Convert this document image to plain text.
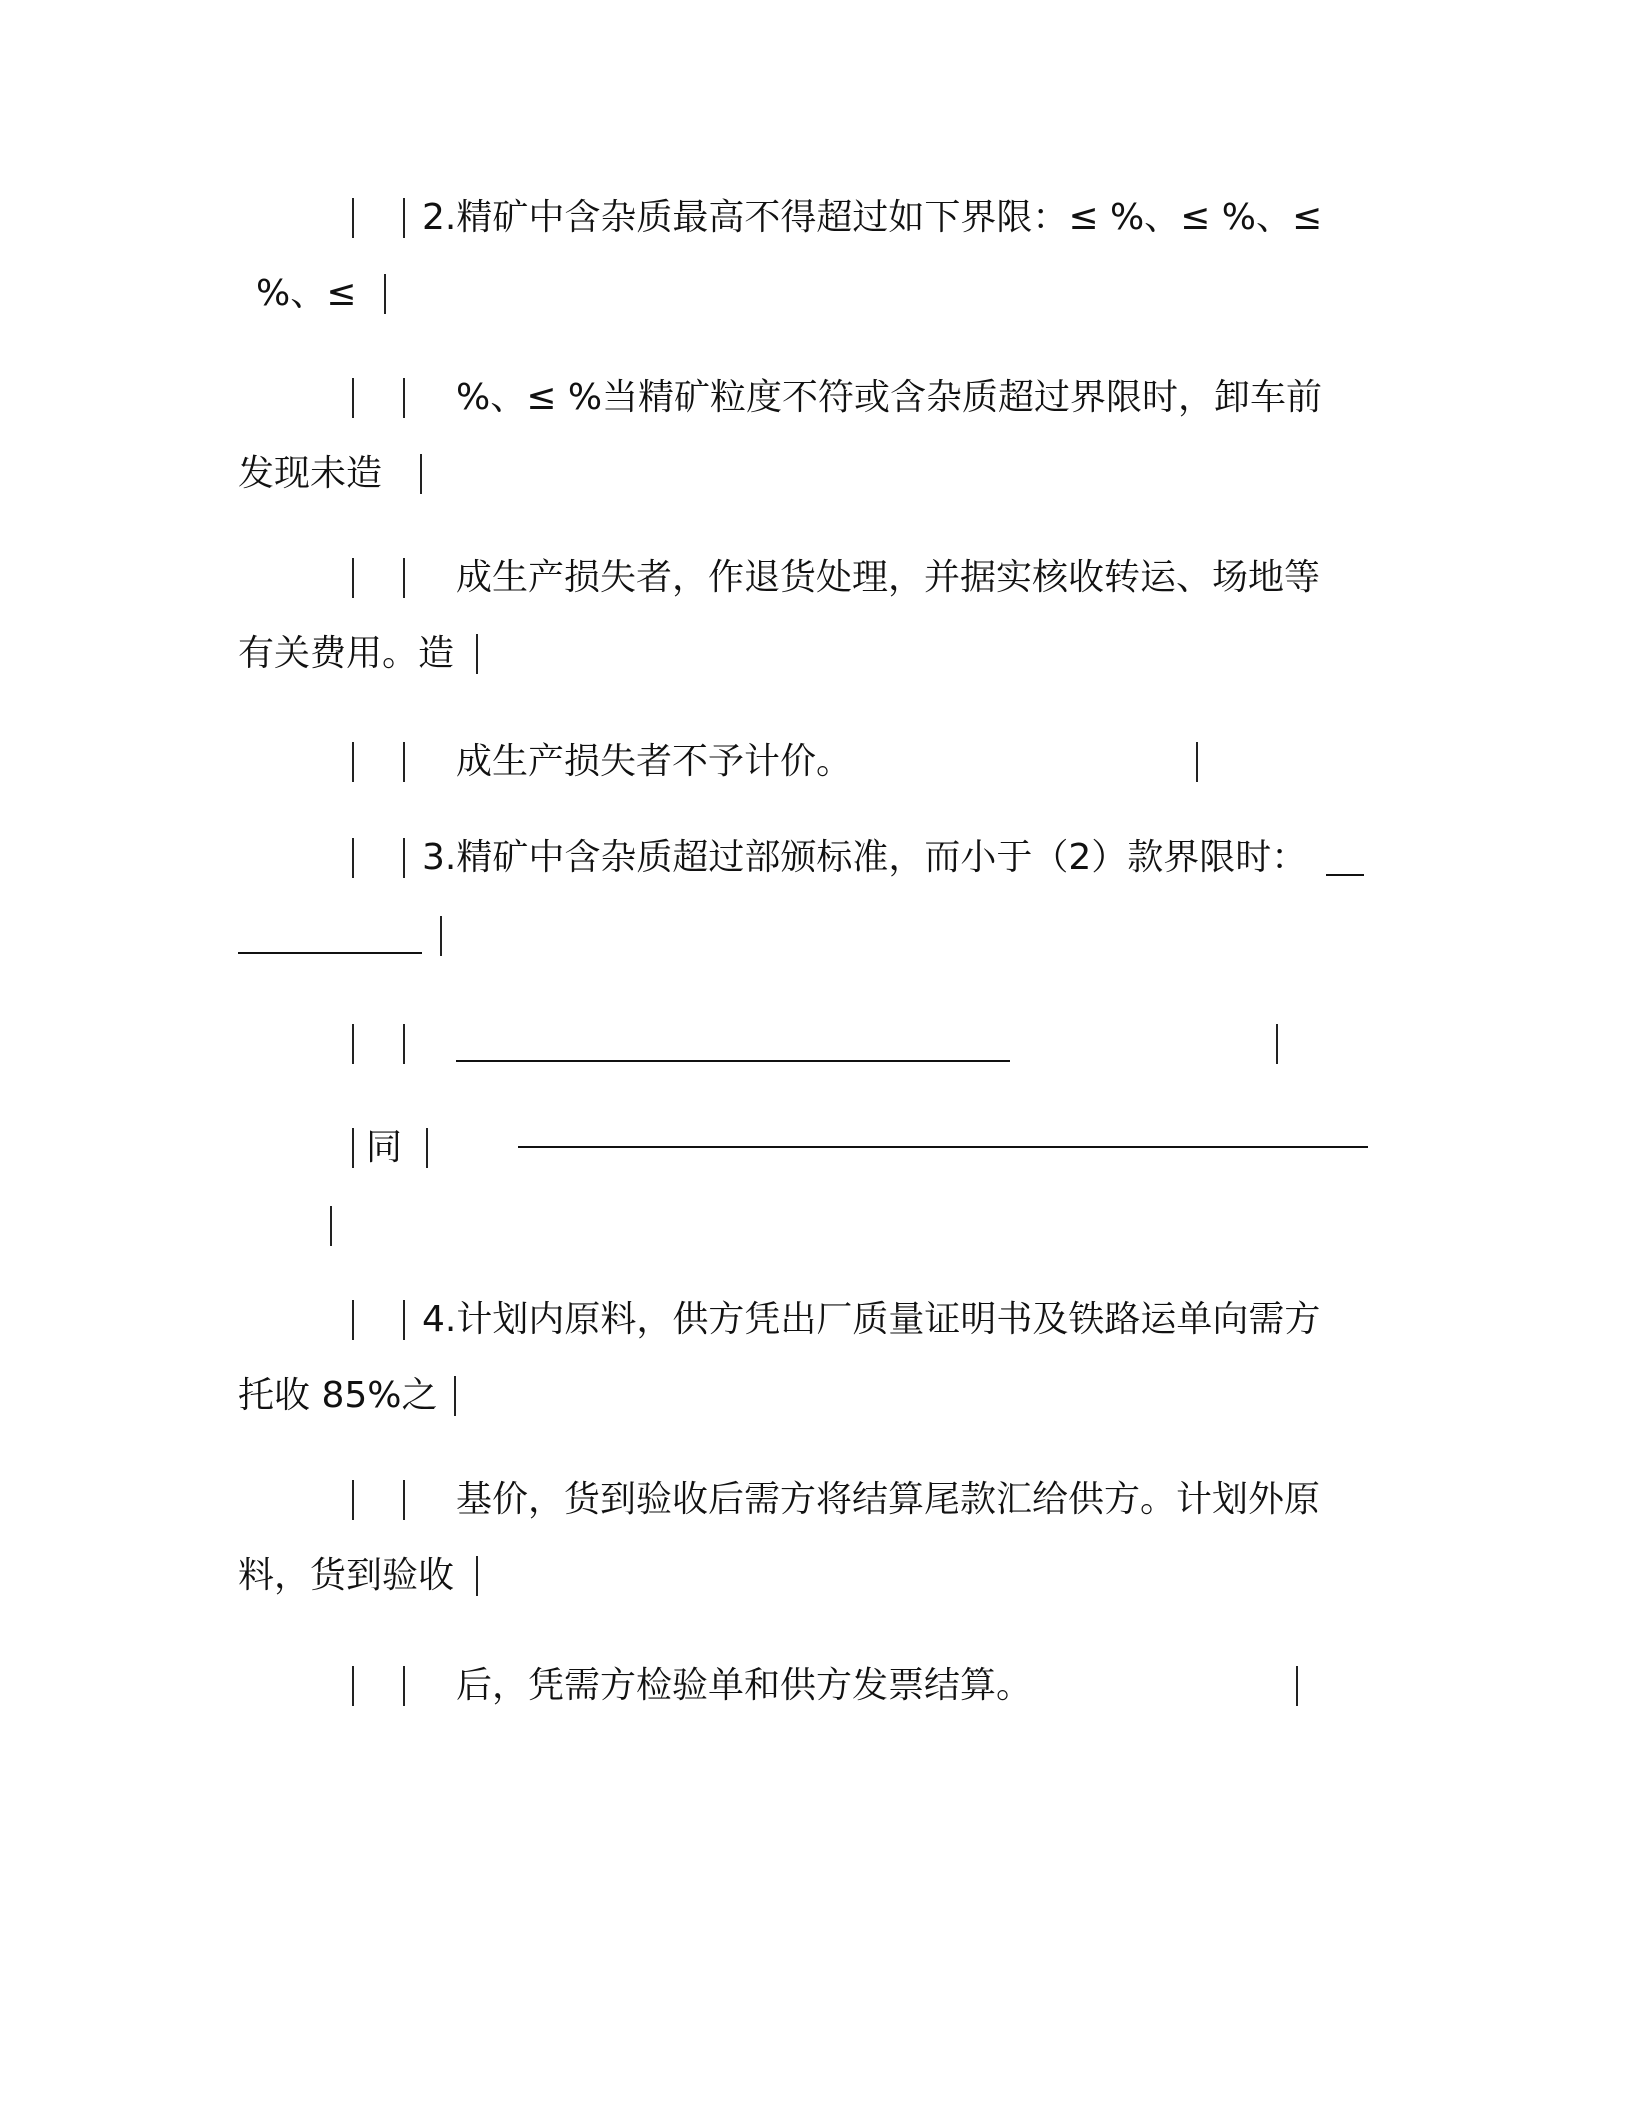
2.精矿中含杂质最高不得超过如下界限：≤ %、≤ %、≤
%、≤
%、≤ %当精矿粒度不符或含杂质超过界限时，卸车前
发现未造
成生产损失者，作退货处理，并据实核收转运、场地等
有关费用。造
成生产损失者不予计价。
3.精矿中含杂质超过部颁标准，而小于（2）款界限时：
同
4.计划内原料，供方凭出厂质量证明书及铁路运单向需方
托收 85%之
基价，货到验收后需方将结算尾款汇给供方。计划外原
料，货到验收
后，凭需方检验单和供方发票结算。
